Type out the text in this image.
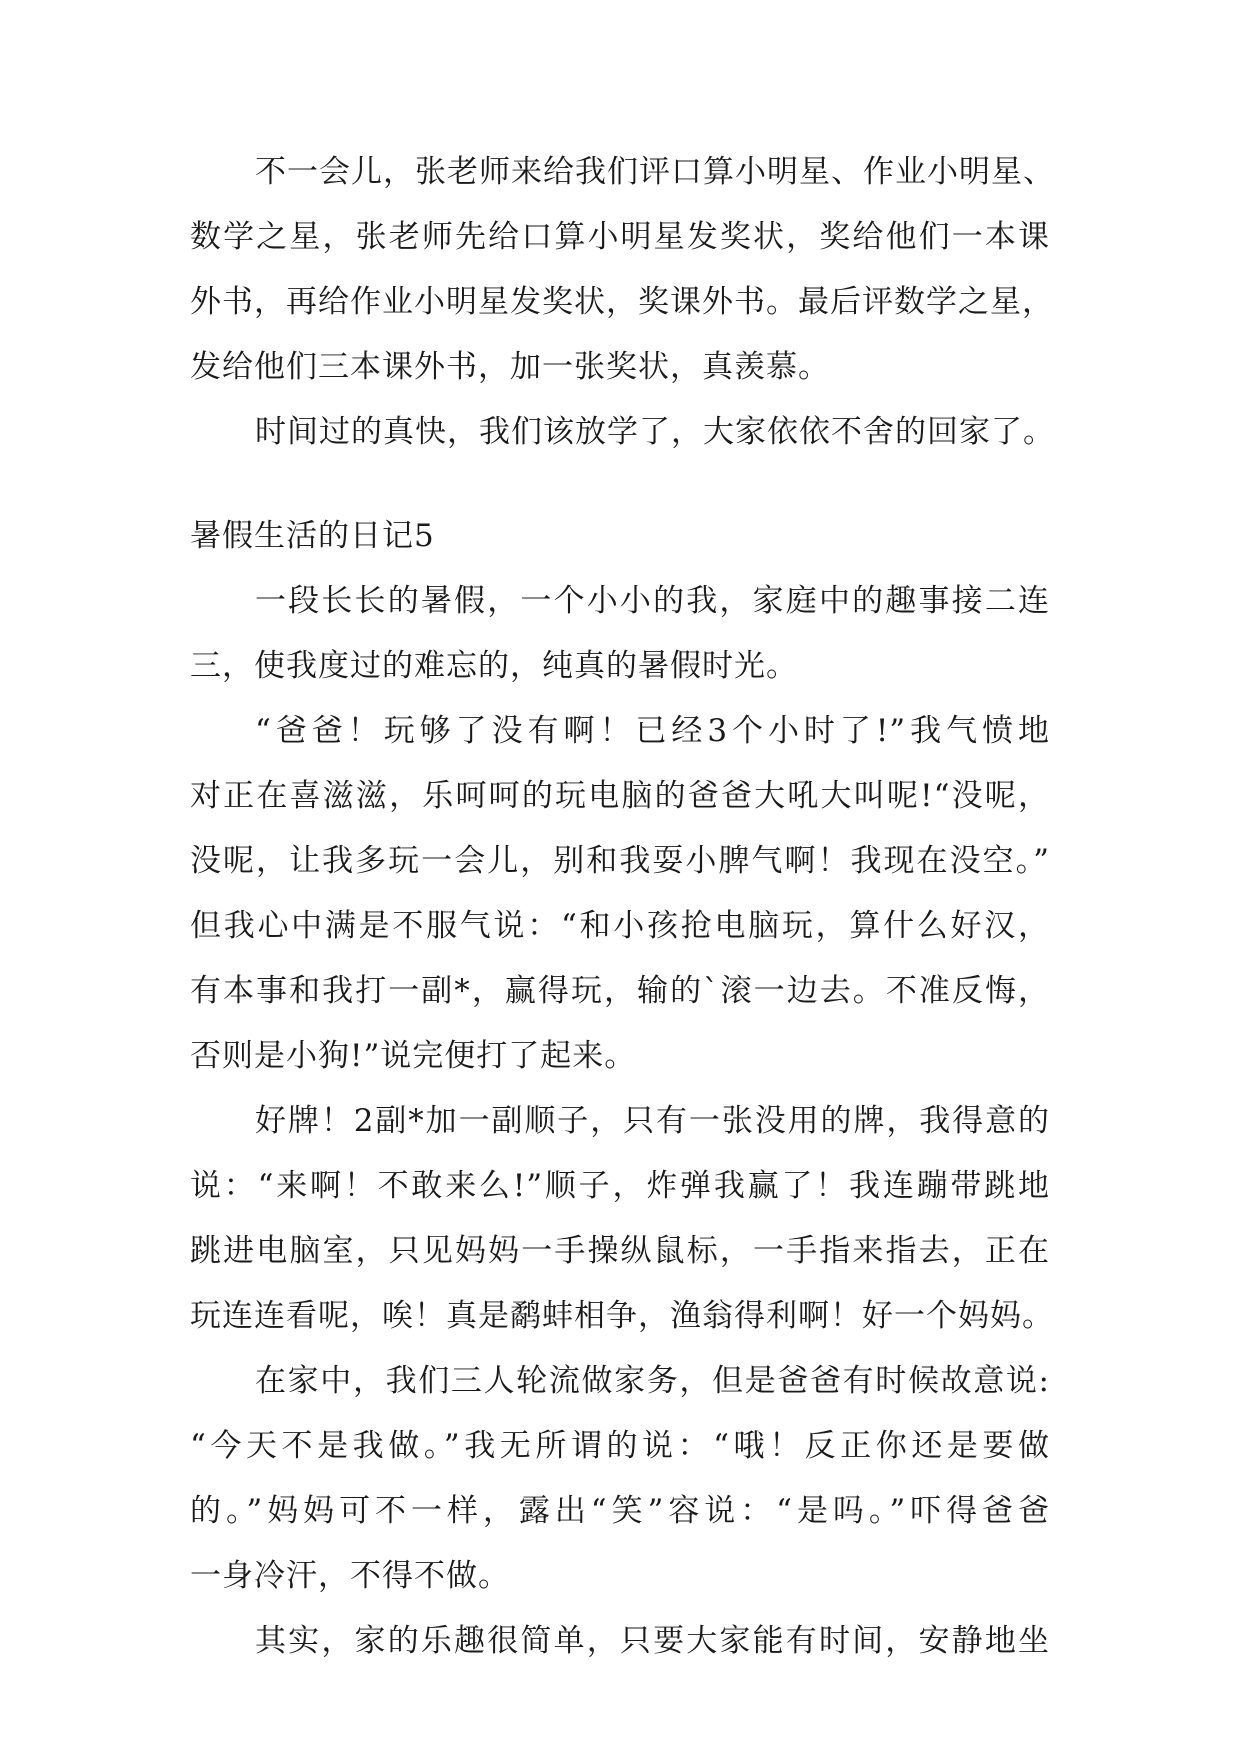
不一会儿，张老师来给我们评口算小明星、作业小明星、
数学之星，张老师先给口算小明星发奖状，奖给他们一本课
外书，再给作业小明星发奖状，奖课外书。最后评数学之星，
发给他们三本课外书，加一张奖状，真羡慕。
时间过的真快，我们该放学了，大家依依不舍的回家了。
暑假生活的日记5
一段长长的暑假，一个小小的我，家庭中的趣事接二连
三，使我度过的难忘的，纯真的暑假时光。
“爸爸！玩够了没有啊！已经3个小时了!”我气愤地
对正在喜滋滋，乐呵呵的玩电脑的爸爸大吼大叫呢!“没呢，
没呢，让我多玩一会儿，别和我耍小脾气啊！我现在没空。”
但我心中满是不服气说：“和小孩抢电脑玩，算什么好汉，
有本事和我打一副*，赢得玩，输的`滚一边去。不准反悔，
否则是小狗!”说完便打了起来。
好牌！2副*加一副顺子，只有一张没用的牌，我得意的
说：“来啊！不敢来么!”顺子，炸弹我赢了！我连蹦带跳地
跳进电脑室，只见妈妈一手操纵鼠标，一手指来指去，正在
玩连连看呢，唉！真是鹬蚌相争，渔翁得利啊！好一个妈妈。
在家中，我们三人轮流做家务，但是爸爸有时候故意说:
“今天不是我做。”我无所谓的说：“哦！反正你还是要做
的。”妈妈可不一样，露出“笑”容说：“是吗。”吓得爸爸
一身冷汗，不得不做。
其实，家的乐趣很简单，只要大家能有时间，安静地坐
